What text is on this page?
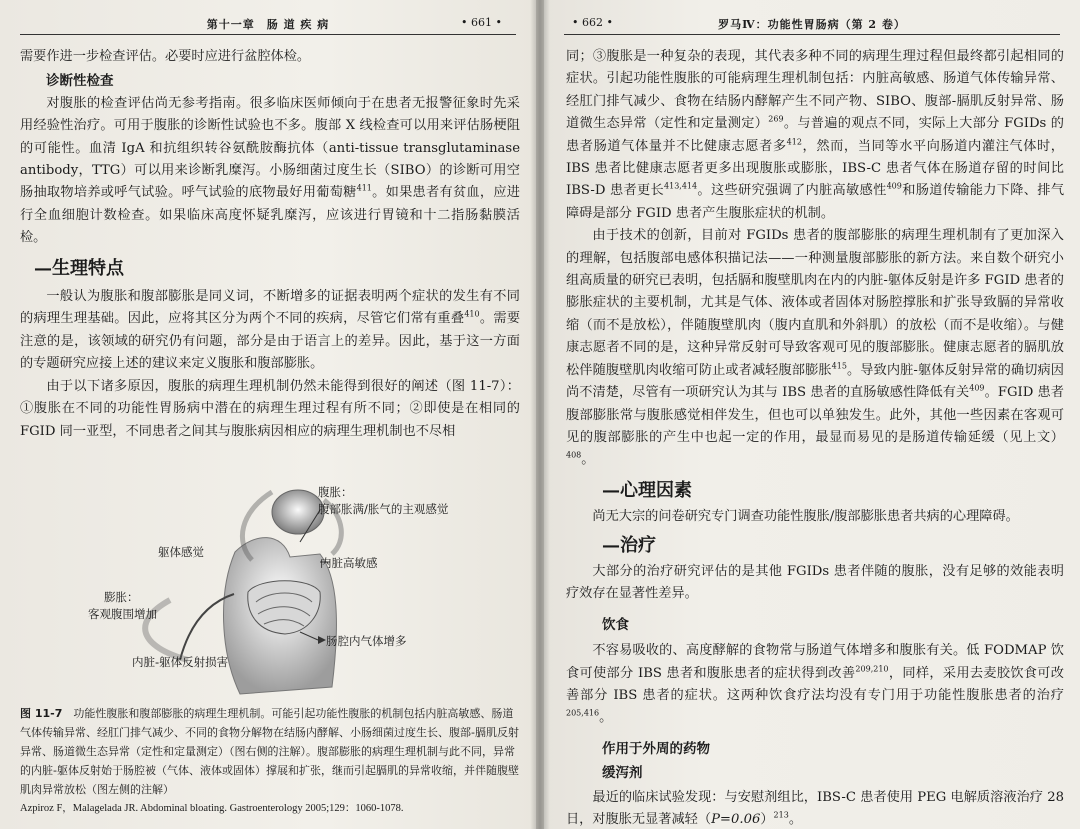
第十一章　肠 道 疾 病	• 661 •

需要作进一步检查评估。必要时应进行盆腔体检。

诊断性检查

对腹胀的检查评估尚无参考指南。很多临床医师倾向于在患者无报警征象时先采用经验性治疗。可用于腹胀的诊断性试验也不多。腹部 X 线检查可以用来评估肠梗阻的可能性。血清 IgA 和抗组织转谷氨酰胺酶抗体（anti-tissue transglutaminase antibody，TTG）可以用来诊断乳糜泻。小肠细菌过度生长（SIBO）的诊断可用空肠抽取物培养或呼气试验。呼气试验的底物最好用葡萄糖$^{411}$。如果患者有贫血，应进行全血细胞计数检查。如果临床高度怀疑乳糜泻，应该进行胃镜和十二指肠黏膜活检。

—生理特点

一般认为腹胀和腹部膨胀是同义词，不断增多的证据表明两个症状的发生有不同的病理生理基础。因此，应将其区分为两个不同的疾病，尽管它们常有重叠$^{410}$。需要注意的是，该领域的研究仍有问题，部分是由于语言上的差异。因此，基于这一方面的专题研究应接上述的建议来定义腹胀和腹部膨胀。

由于以下诸多原因，腹胀的病理生理机制仍然未能得到很好的阐述（图 11-7）：①腹胀在不同的功能性胃肠病中潜在的病理生理过程有所不同；②即使是在相同的 FGID 同一亚型，不同患者之间其与腹胀病因相应的病理生理机制也不尽相

腹胀：
腹部胀满/胀气的主观感觉
躯体感觉
内脏高敏感
膨胀：
客观腹围增加
肠腔内气体增多
内脏-躯体反射损害

图 11-7　 功能性腹胀和腹部膨胀的病理生理机制。可能引起功能性腹胀的机制包括内脏高敏感、肠道气体传输异常、经肛门排气减少、不同的食物分解物在结肠内酵解、小肠细菌过度生长、腹部-膈肌反射异常、肠道微生态异常（定性和定量测定）（图右侧的注解）。腹部膨胀的病理生理机制与此不同，异常的内脏-躯体反射始于肠腔被（气体、液体或固体）撑展和扩张，继而引起膈肌的异常收缩，并伴随腹壁肌肉异常放松（图左侧的注解）

Azpiroz F，Malagelada JR. Abdominal bloating. Gastroenterology 2005;129：1060-1078.
• 662 •	罗马Ⅳ：功能性胃肠病（第 2 卷）

同；③腹胀是一种复杂的表现，其代表多种不同的病理生理过程但最终都引起相同的症状。引起功能性腹胀的可能病理生理机制包括：内脏高敏感、肠道气体传输异常、经肛门排气减少、食物在结肠内酵解产生不同产物、SIBO、腹部-膈肌反射异常、肠道微生态异常（定性和定量测定）$^{269}$。与普遍的观点不同，实际上大部分 FGIDs 的患者肠道气体量并不比健康志愿者多$^{412}$，然而，当同等水平向肠道内灌注气体时，IBS 患者比健康志愿者更多出现腹胀或膨胀，IBS-C 患者气体在肠道存留的时间比 IBS-D 患者更长$^{413,414}$。这些研究强调了内脏高敏感性$^{409}$和肠道传输能力下降、排气障碍是部分 FGID 患者产生腹胀症状的机制。

由于技术的创新，目前对 FGIDs 患者的腹部膨胀的病理生理机制有了更加深入的理解，包括腹部电感体积描记法——一种测量腹部膨胀的新方法。来自数个研究小组高质量的研究已表明，包括膈和腹壁肌肉在内的内脏-躯体反射是许多 FGID 患者的膨胀症状的主要机制，尤其是气体、液体或者固体对肠腔撑胀和扩张导致膈的异常收缩（而不是放松），伴随腹壁肌肉（腹内直肌和外斜肌）的放松（而不是收缩）。与健康志愿者不同的是，这种异常反射可导致客观可见的腹部膨胀。健康志愿者的膈肌放松伴随腹壁肌肉收缩可防止或者减轻腹部膨胀$^{415}$。导致内脏-躯体反射异常的确切病因尚不清楚，尽管有一项研究认为其与 IBS 患者的直肠敏感性降低有关$^{409}$。FGID 患者腹部膨胀常与腹胀感觉相伴发生，但也可以单独发生。此外，其他一些因素在客观可见的腹部膨胀的产生中也起一定的作用，最显而易见的是肠道传输延缓（见上文）$^{408}$。

—心理因素

尚无大宗的问卷研究专门调查功能性腹胀/腹部膨胀患者共病的心理障碍。

—治疗

大部分的治疗研究评估的是其他 FGIDs 患者伴随的腹胀，没有足够的效能表明疗效存在显著性差异。

饮食

不容易吸收的、高度酵解的食物常与肠道气体增多和腹胀有关。低 FODMAP 饮食可使部分 IBS 患者和腹胀患者的症状得到改善$^{209,210}$，同样，采用去麦胶饮食可改善部分 IBS 患者的症状。这两种饮食疗法均没有专门用于功能性腹胀患者的治疗$^{205,416}$。

作用于外周的药物

缓泻剂

最近的临床试验发现：与安慰剂组比，IBS-C 患者使用 PEG 电解质溶液治疗 28 日，对腹胀无显著减轻（P=0.06）$^{213}$。
